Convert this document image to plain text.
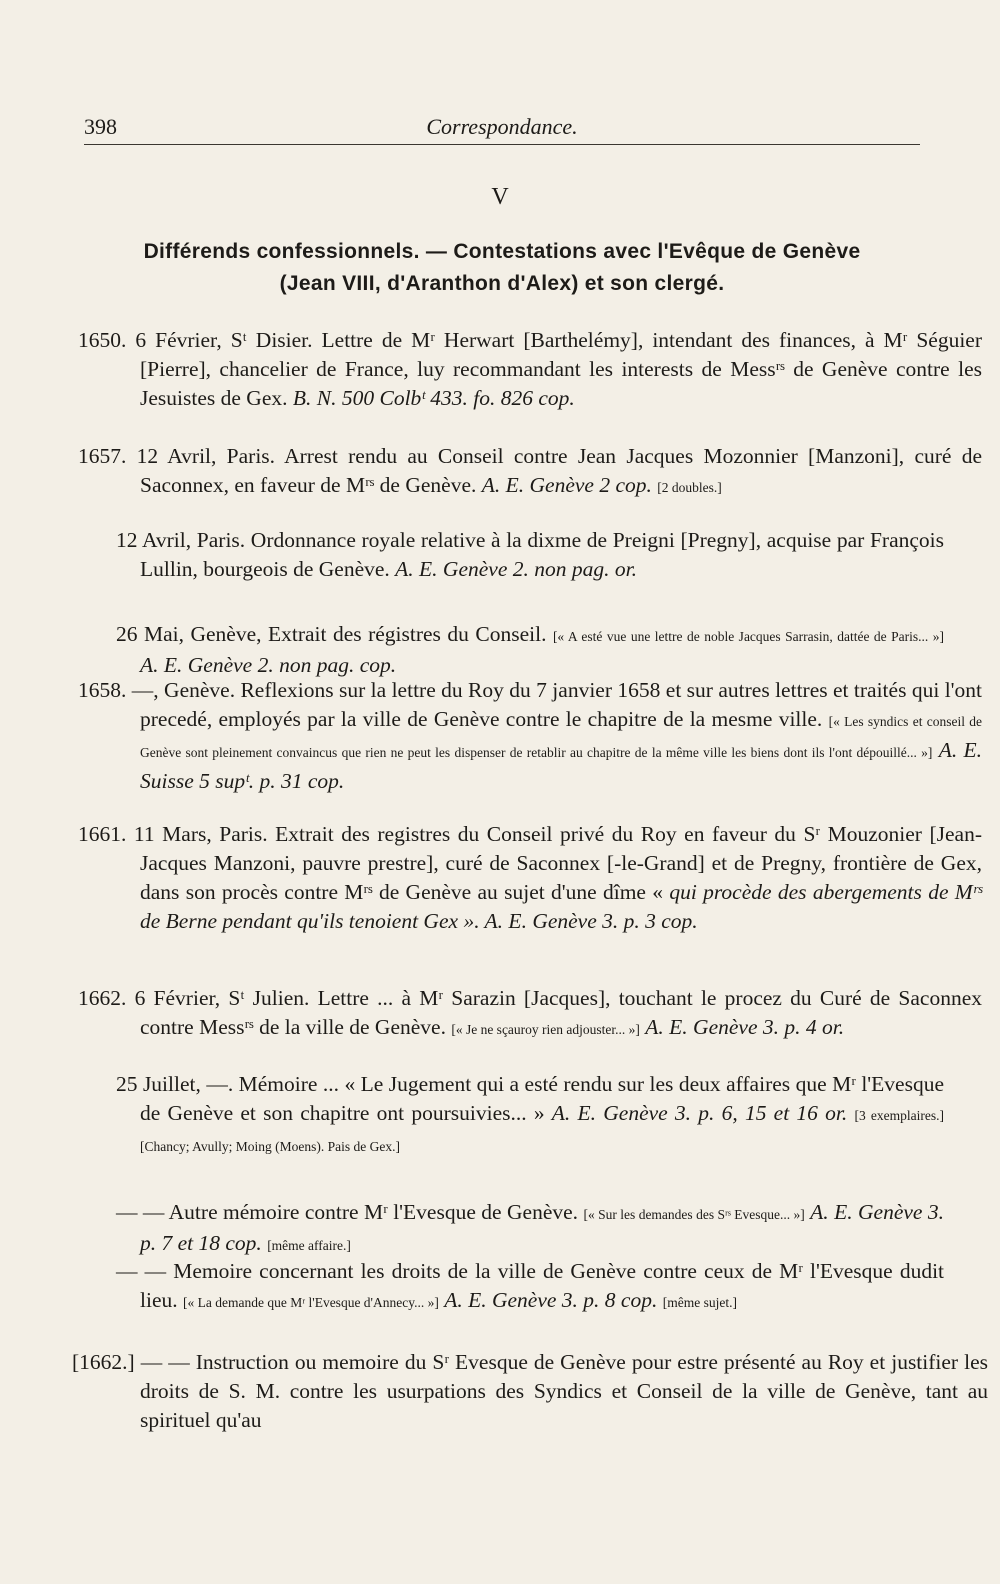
398	Correspondance.
V
Différends confessionnels. — Contestations avec l'Evêque de Genève
(Jean VIII, d'Aranthon d'Alex) et son clergé.
1650. 6 Février, Sᵗ Disier. Lettre de Mʳ Herwart [Barthelémy], intendant des finances, à Mʳ Séguier [Pierre], chancelier de France, luy recommandant les interests de Messʳˢ de Genève contre les Jesuistes de Gex. B. N. 500 Colbᵗ 433. fo. 826 cop.
1657. 12 Avril, Paris. Arrest rendu au Conseil contre Jean Jacques Mozonnier [Manzoni], curé de Saconnex, en faveur de Mʳˢ de Genève. A. E. Genève 2 cop. [2 doubles.]
12 Avril, Paris. Ordonnance royale relative à la dixme de Preigni [Pregny], acquise par François Lullin, bourgeois de Genève. A. E. Genève 2. non pag. or.
26 Mai, Genève, Extrait des régistres du Conseil. [« A esté vue une lettre de noble Jacques Sarrasin, dattée de Paris... »] A. E. Genève 2. non pag. cop.
1658. —, Genève. Reflexions sur la lettre du Roy du 7 janvier 1658 et sur autres lettres et traités qui l'ont precedé, employés par la ville de Genève contre le chapitre de la mesme ville. [« Les syndics et conseil de Genève sont pleinement convaincus que rien ne peut les dispenser de retablir au chapitre de la même ville les biens dont ils l'ont dépouillé... »] A. E. Suisse 5 supᵗ. p. 31 cop.
1661. 11 Mars, Paris. Extrait des registres du Conseil privé du Roy en faveur du Sʳ Mouzonier [Jean-Jacques Manzoni, pauvre prestre], curé de Saconnex [-le-Grand] et de Pregny, frontière de Gex, dans son procès contre Mʳˢ de Genève au sujet d'une dîme « qui procède des abergements de Mʳˢ de Berne pendant qu'ils tenoient Gex ». A. E. Genève 3. p. 3 cop.
1662. 6 Février, Sᵗ Julien. Lettre ... à Mʳ Sarazin [Jacques], touchant le procez du Curé de Saconnex contre Messʳˢ de la ville de Genève. [« Je ne sçauroy rien adjouster... »] A. E. Genève 3. p. 4 or.
25 Juillet, —. Mémoire ... « Le Jugement qui a esté rendu sur les deux affaires que Mʳ l'Evesque de Genève et son chapitre ont poursuivies... » A. E. Genève 3. p. 6, 15 et 16 or. [3 exemplaires.] [Chancy; Avully; Moing (Moens). Pais de Gex.]
— — Autre mémoire contre Mʳ l'Evesque de Genève. [« Sur les demandes des Sʳˢ Evesque... »] A. E. Genève 3. p. 7 et 18 cop. [même affaire.]
— — Memoire concernant les droits de la ville de Genève contre ceux de Mʳ l'Evesque dudit lieu. [« La demande que Mʳ l'Evesque d'Annecy... »] A. E. Genève 3. p. 8 cop. [même sujet.]
[1662.] — — Instruction ou memoire du Sʳ Evesque de Genève pour estre présenté au Roy et justifier les droits de S. M. contre les usurpations des Syndics et Conseil de la ville de Genève, tant au spirituel qu'au
